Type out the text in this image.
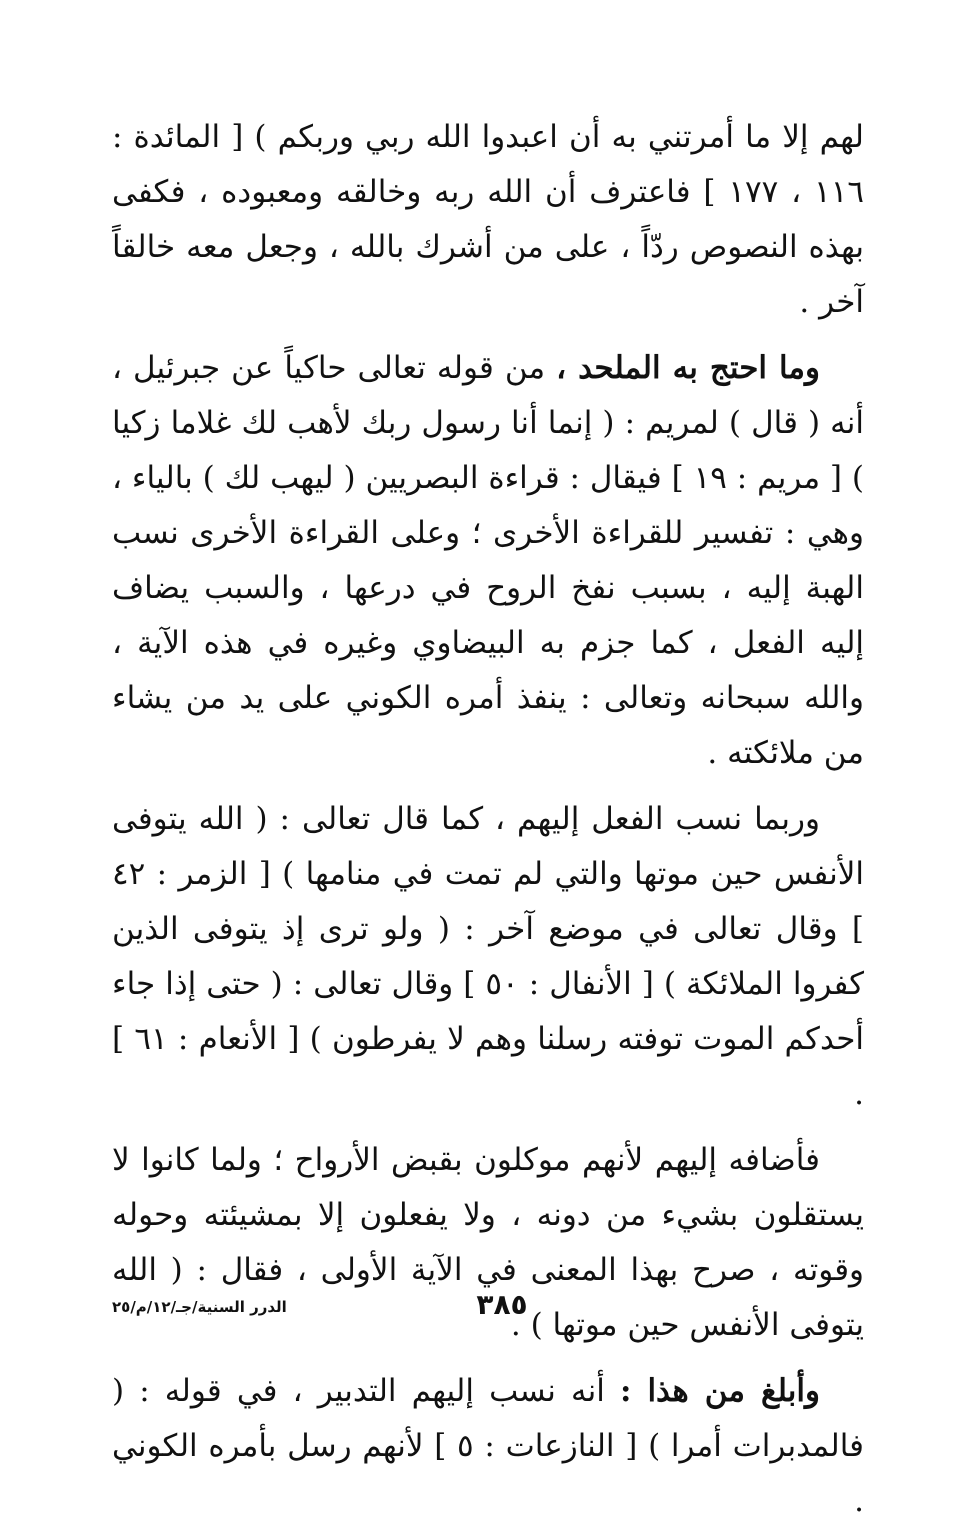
لهم إلا ما أمرتني به أن اعبدوا الله ربي وربكم ) [ المائدة : ١١٦ ، ١٧٧ ] فاعترف أن الله ربه وخالقه ومعبوده ، فكفى بهذه النصوص ردّاً ، على من أشرك بالله ، وجعل معه خالقاً آخر .

وما احتج به الملحد ، من قوله تعالى حاكياً عن جبرئيل ، أنه ( قال ) لمريم : ( إنما أنا رسول ربك لأهب لك غلاما زكيا ) [ مريم : ١٩ ] فيقال : قراءة البصريين ( ليهب لك ) بالياء ، وهي : تفسير للقراءة الأخرى ؛ وعلى القراءة الأخرى نسب الهبة إليه ، بسبب نفخ الروح في درعها ، والسبب يضاف إليه الفعل ، كما جزم به البيضاوي وغيره في هذه الآية ، والله سبحانه وتعالى : ينفذ أمره الكوني على يد من يشاء من ملائكته .

وربما نسب الفعل إليهم ، كما قال تعالى : ( الله يتوفى الأنفس حين موتها والتي لم تمت في منامها ) [ الزمر : ٤٢ ] وقال تعالى في موضع آخر : ( ولو ترى إذ يتوفى الذين كفروا الملائكة ) [ الأنفال : ٥٠ ] وقال تعالى : ( حتى إذا جاء أحدكم الموت توفته رسلنا وهم لا يفرطون ) [ الأنعام : ٦١ ] .

فأضافه إليهم لأنهم موكلون بقبض الأرواح ؛ ولما كانوا لا يستقلون بشيء من دونه ، ولا يفعلون إلا بمشيئته وحوله وقوته ، صرح بهذا المعنى في الآية الأولى ، فقال : ( الله يتوفى الأنفس حين موتها ) .

وأبلغ من هذا : أنه نسب إليهم التدبير ، في قوله : ( فالمدبرات أمرا ) [ النازعات : ٥ ] لأنهم رسل بأمره الكوني .

٣٨٥
الدرر السنية/جـ/١٢/م/٢٥
